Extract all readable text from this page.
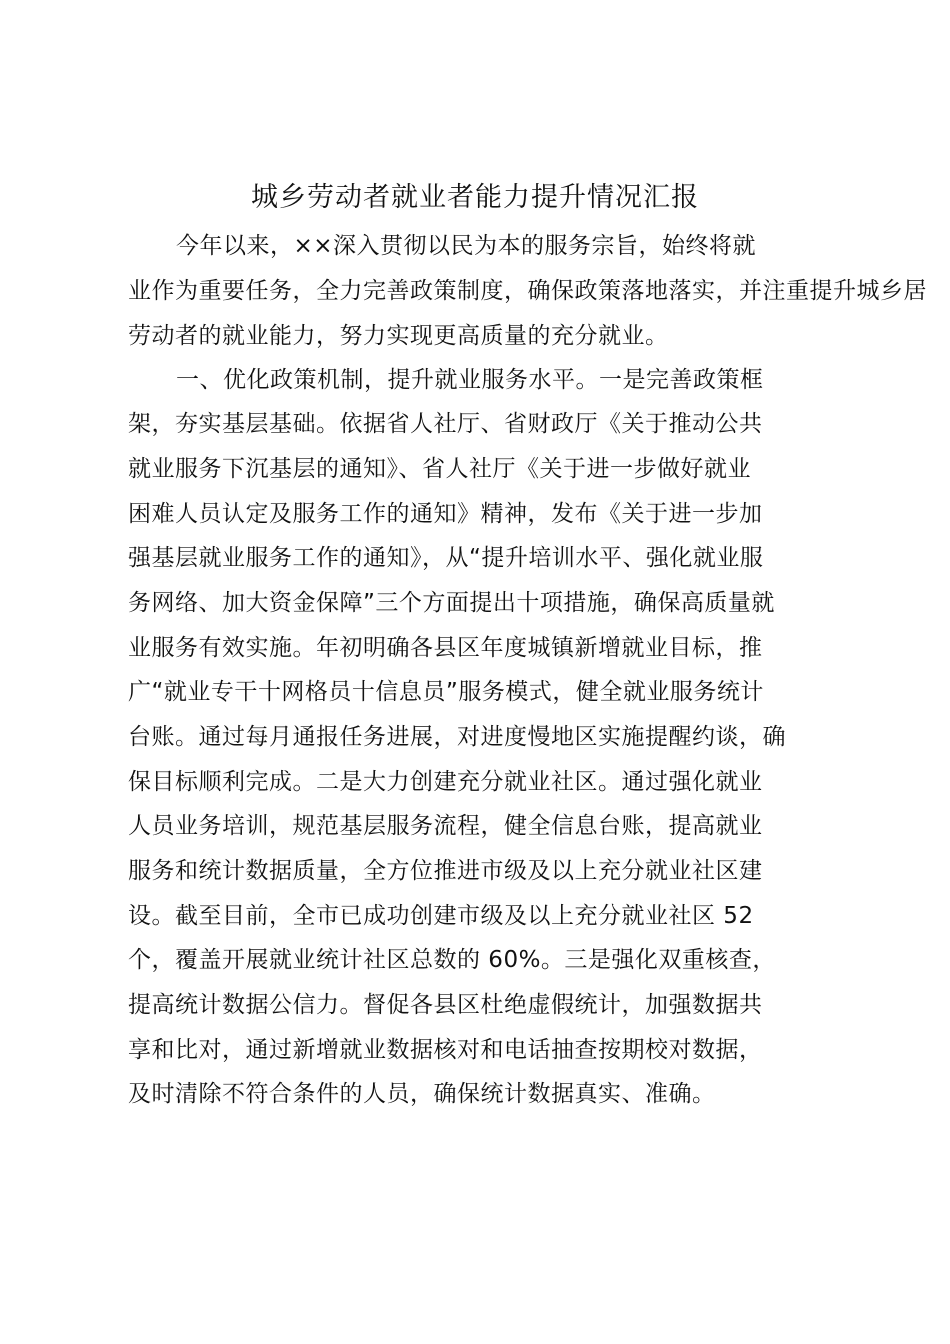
城乡劳动者就业者能力提升情况汇报
今年以来，××深入贯彻以民为本的服务宗旨，始终将就
业作为重要任务，全力完善政策制度，确保政策落地落实，并注重提升城乡居
劳动者的就业能力，努力实现更高质量的充分就业。
一、优化政策机制，提升就业服务水平。一是完善政策框
架，夯实基层基础。依据省人社厅、省财政厅《关于推动公共
就业服务下沉基层的通知》、省人社厅《关于进一步做好就业
困难人员认定及服务工作的通知》精神，发布《关于进一步加
强基层就业服务工作的通知》，从“提升培训水平、强化就业服
务网络、加大资金保障”三个方面提出十项措施，确保高质量就
业服务有效实施。年初明确各县区年度城镇新增就业目标，推
广“就业专干十网格员十信息员”服务模式，健全就业服务统计
台账。通过每月通报任务进展，对进度慢地区实施提醒约谈，确
保目标顺利完成。二是大力创建充分就业社区。通过强化就业
人员业务培训，规范基层服务流程，健全信息台账，提高就业
服务和统计数据质量，全方位推进市级及以上充分就业社区建
设。截至目前，全市已成功创建市级及以上充分就业社区 52
个，覆盖开展就业统计社区总数的 60%。三是强化双重核查，
提高统计数据公信力。督促各县区杜绝虚假统计，加强数据共
享和比对，通过新增就业数据核对和电话抽查按期校对数据，
及时清除不符合条件的人员，确保统计数据真实、准确。
